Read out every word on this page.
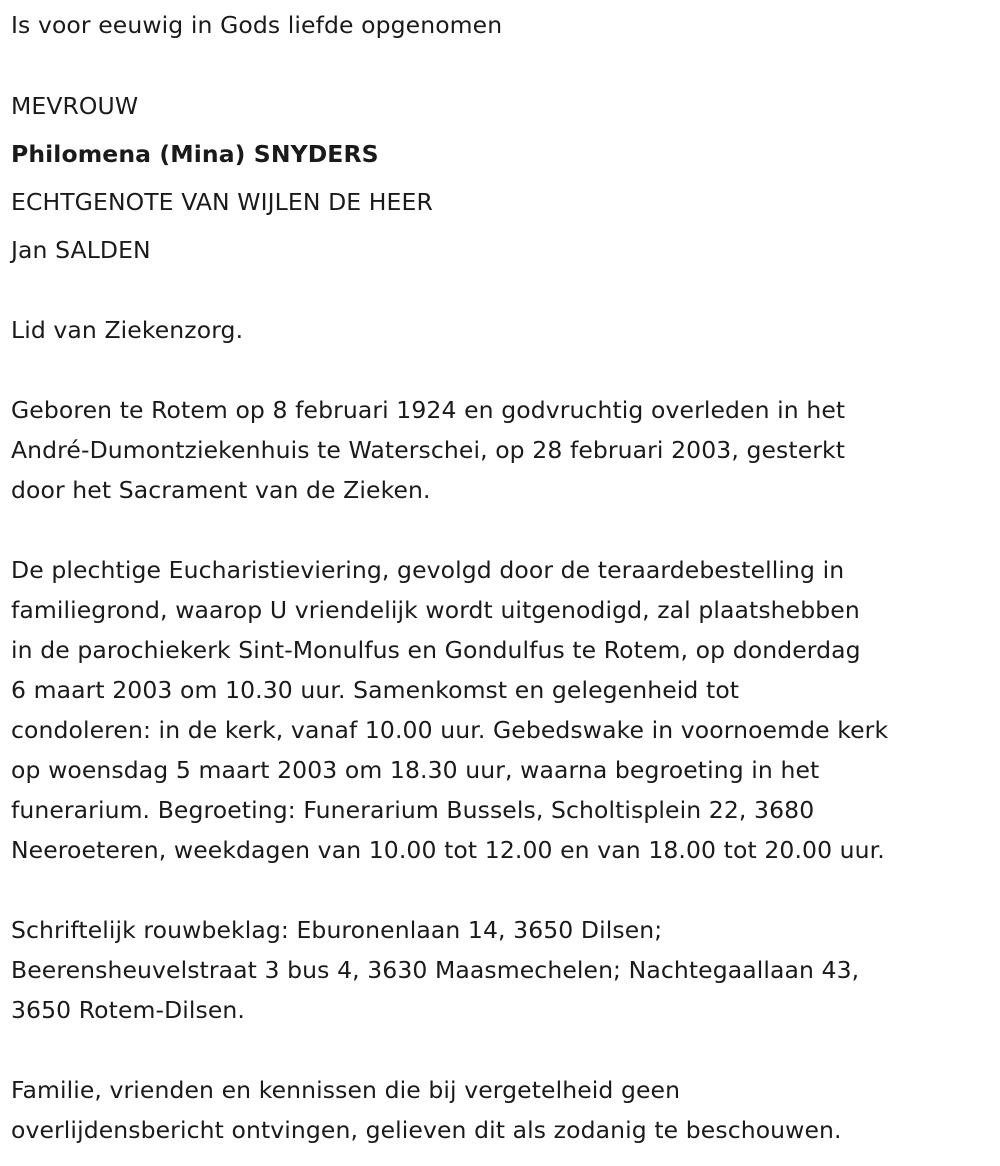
Is voor eeuwig in Gods liefde opgenomen
MEVROUW
Philomena (Mina) SNYDERS
ECHTGENOTE VAN WIJLEN DE HEER
Jan SALDEN
Lid van Ziekenzorg.
Geboren te Rotem op 8 februari 1924 en godvruchtig overleden in het
André-Dumontziekenhuis te Waterschei, op 28 februari 2003, gesterkt
door het Sacrament van de Zieken.
De plechtige Eucharistieviering, gevolgd door de teraardebestelling in
familiegrond, waarop U vriendelijk wordt uitgenodigd, zal plaatshebben
in de parochiekerk Sint-Monulfus en Gondulfus te Rotem, op donderdag
6 maart 2003 om 10.30 uur. Samenkomst en gelegenheid tot
condoleren: in de kerk, vanaf 10.00 uur. Gebedswake in voornoemde kerk
op woensdag 5 maart 2003 om 18.30 uur, waarna begroeting in het
funerarium. Begroeting: Funerarium Bussels, Scholtisplein 22, 3680
Neeroeteren, weekdagen van 10.00 tot 12.00 en van 18.00 tot 20.00 uur.
Schriftelijk rouwbeklag: Eburonenlaan 14, 3650 Dilsen;
Beerensheuvelstraat 3 bus 4, 3630 Maasmechelen; Nachtegaallaan 43,
3650 Rotem-Dilsen.
Familie, vrienden en kennissen die bij vergetelheid geen
overlijdensbericht ontvingen, gelieven dit als zodanig te beschouwen.
